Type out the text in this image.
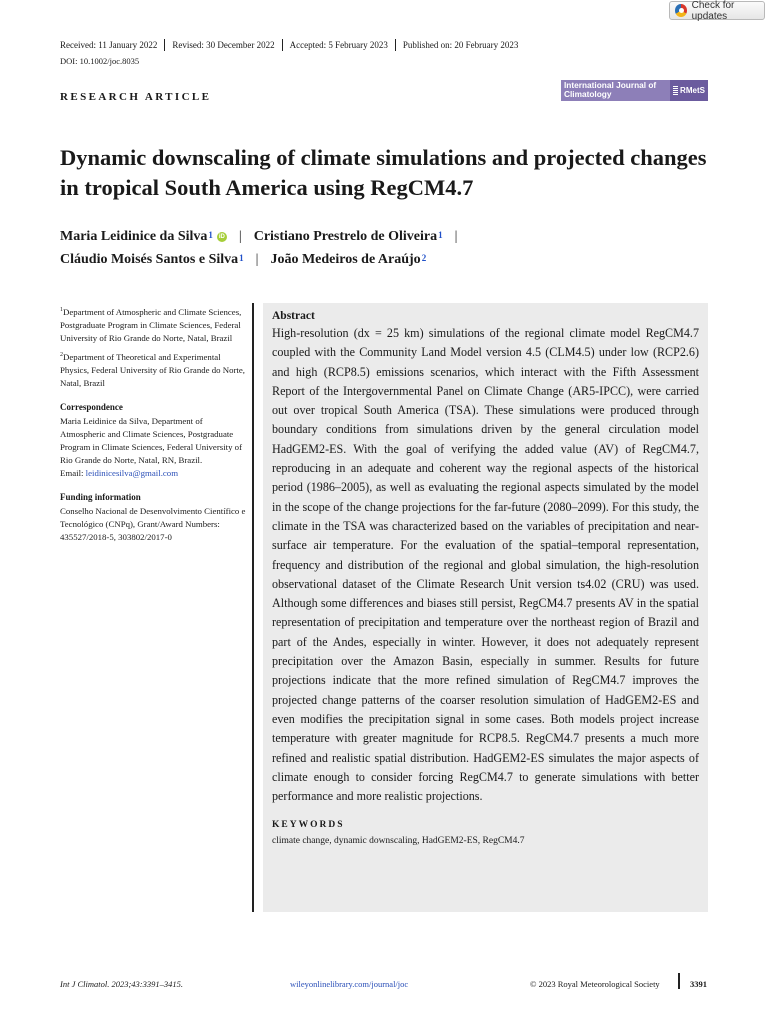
Check for updates
Received: 11 January 2022	Revised: 30 December 2022	Accepted: 5 February 2023	Published on: 20 February 2023
DOI: 10.1002/joc.8035
RESEARCH ARTICLE
International Journal of Climatology	RMetS
Dynamic downscaling of climate simulations and projected changes in tropical South America using RegCM4.7
Maria Leidinice da Silva$^1$	iD | Cristiano Prestrelo de Oliveira$^1$ |
Cláudio Moisés Santos e Silva$^1$ | João Medeiros de Araújo$^2$
$^1$Department of Atmospheric and Climate Sciences, Postgraduate Program in Climate Sciences, Federal University of Rio Grande do Norte, Natal, Brazil
$^2$Department of Theoretical and Experimental Physics, Federal University of Rio Grande do Norte, Natal, Brazil
Correspondence
Maria Leidinice da Silva, Department of Atmospheric and Climate Sciences, Postgraduate Program in Climate Sciences, Federal University of Rio Grande do Norte, Natal, RN, Brazil.
Email: leidinicesilva@gmail.com
Funding information
Conselho Nacional de Desenvolvimento Científico e Tecnológico (CNPq), Grant/Award Numbers: 435527/2018-5, 303802/2017-0
Abstract

High-resolution (dx = 25 km) simulations of the regional climate model RegCM4.7 coupled with the Community Land Model version 4.5 (CLM4.5) under low (RCP2.6) and high (RCP8.5) emissions scenarios, which interact with the Fifth Assessment Report of the Intergovernmental Panel on Climate Change (AR5-IPCC), were carried out over tropical South America (TSA). These simulations were produced through boundary conditions from simulations driven by the general circulation model HadGEM2-ES. With the goal of verifying the added value (AV) of RegCM4.7, reproducing in an adequate and coherent way the regional aspects of the historical period (1986–2005), as well as evaluating the regional aspects simulated by the model in the scope of the change projections for the far-future (2080–2099). For this study, the climate in the TSA was characterized based on the variables of precipitation and near-surface air temperature. For the evaluation of the spatial–temporal representation, frequency and distribution of the regional and global simulation, the high-resolution observational dataset of the Climate Research Unit version ts4.02 (CRU) was used. Although some differences and biases still persist, RegCM4.7 presents AV in the spatial representation of precipitation and temperature over the northeast region of Brazil and part of the Andes, especially in winter. However, it does not adequately represent precipitation over the Amazon Basin, especially in summer. Results for future projections indicate that the more refined simulation of RegCM4.7 improves the projected change patterns of the coarser resolution simulation of HadGEM2-ES and even modifies the precipitation signal in some cases. Both models project increase temperature with greater magnitude for RCP8.5. RegCM4.7 presents a much more refined and realistic spatial distribution. HadGEM2-ES simulates the major aspects of climate enough to consider forcing RegCM4.7 to generate simulations with better performance and more realistic projections.

KEYWORDS
climate change, dynamic downscaling, HadGEM2-ES, RegCM4.7
Int J Climatol. 2023;43:3391–3415.	wileyonlinelibrary.com/journal/joc	© 2023 Royal Meteorological Society	3391
